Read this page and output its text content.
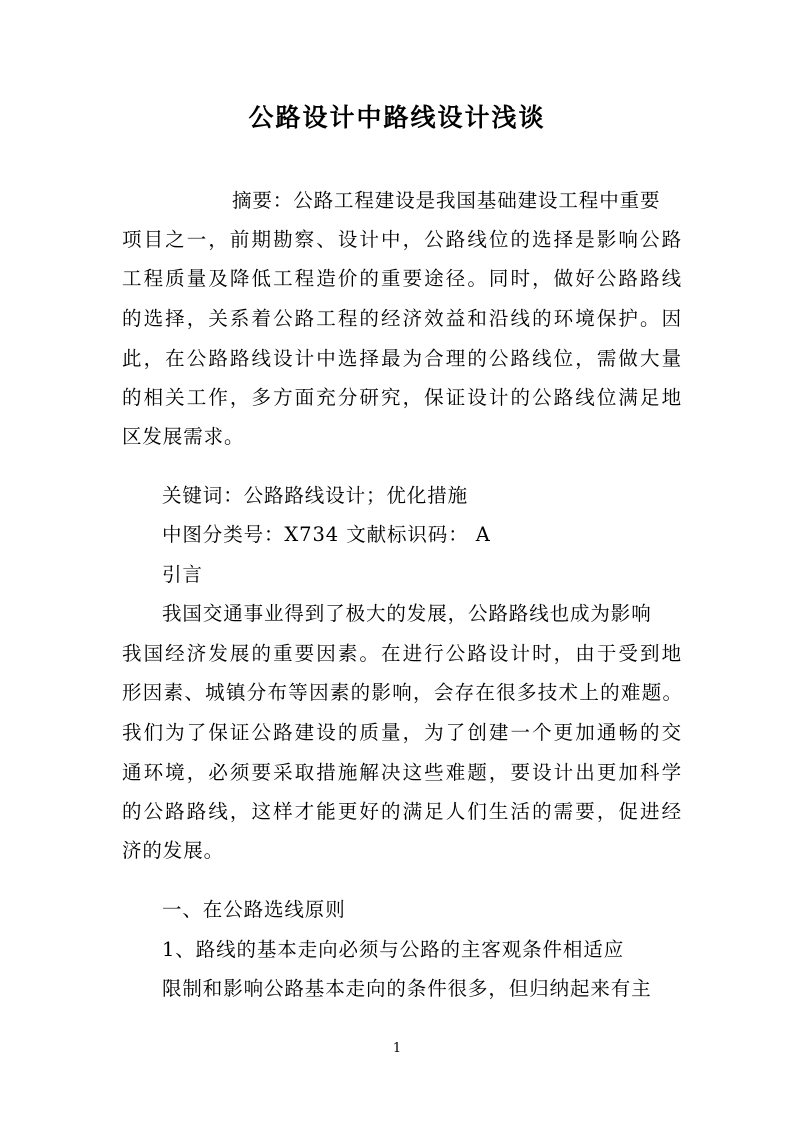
公路设计中路线设计浅谈
摘要：公路工程建设是我国基础建设工程中重要
项目之一，前期勘察、设计中，公路线位的选择是影响公路
工程质量及降低工程造价的重要途径。同时，做好公路路线
的选择，关系着公路工程的经济效益和沿线的环境保护。因
此，在公路路线设计中选择最为合理的公路线位，需做大量
的相关工作，多方面充分研究，保证设计的公路线位满足地
区发展需求。
关键词：公路路线设计；优化措施
中图分类号：X734 文献标识码： A
引言
我国交通事业得到了极大的发展，公路路线也成为影响
我国经济发展的重要因素。在进行公路设计时，由于受到地
形因素、城镇分布等因素的影响，会存在很多技术上的难题。
我们为了保证公路建设的质量，为了创建一个更加通畅的交
通环境，必须要采取措施解决这些难题，要设计出更加科学
的公路路线，这样才能更好的满足人们生活的需要，促进经
济的发展。
一、在公路选线原则
1、路线的基本走向必须与公路的主客观条件相适应
限制和影响公路基本走向的条件很多，但归纳起来有主
1
